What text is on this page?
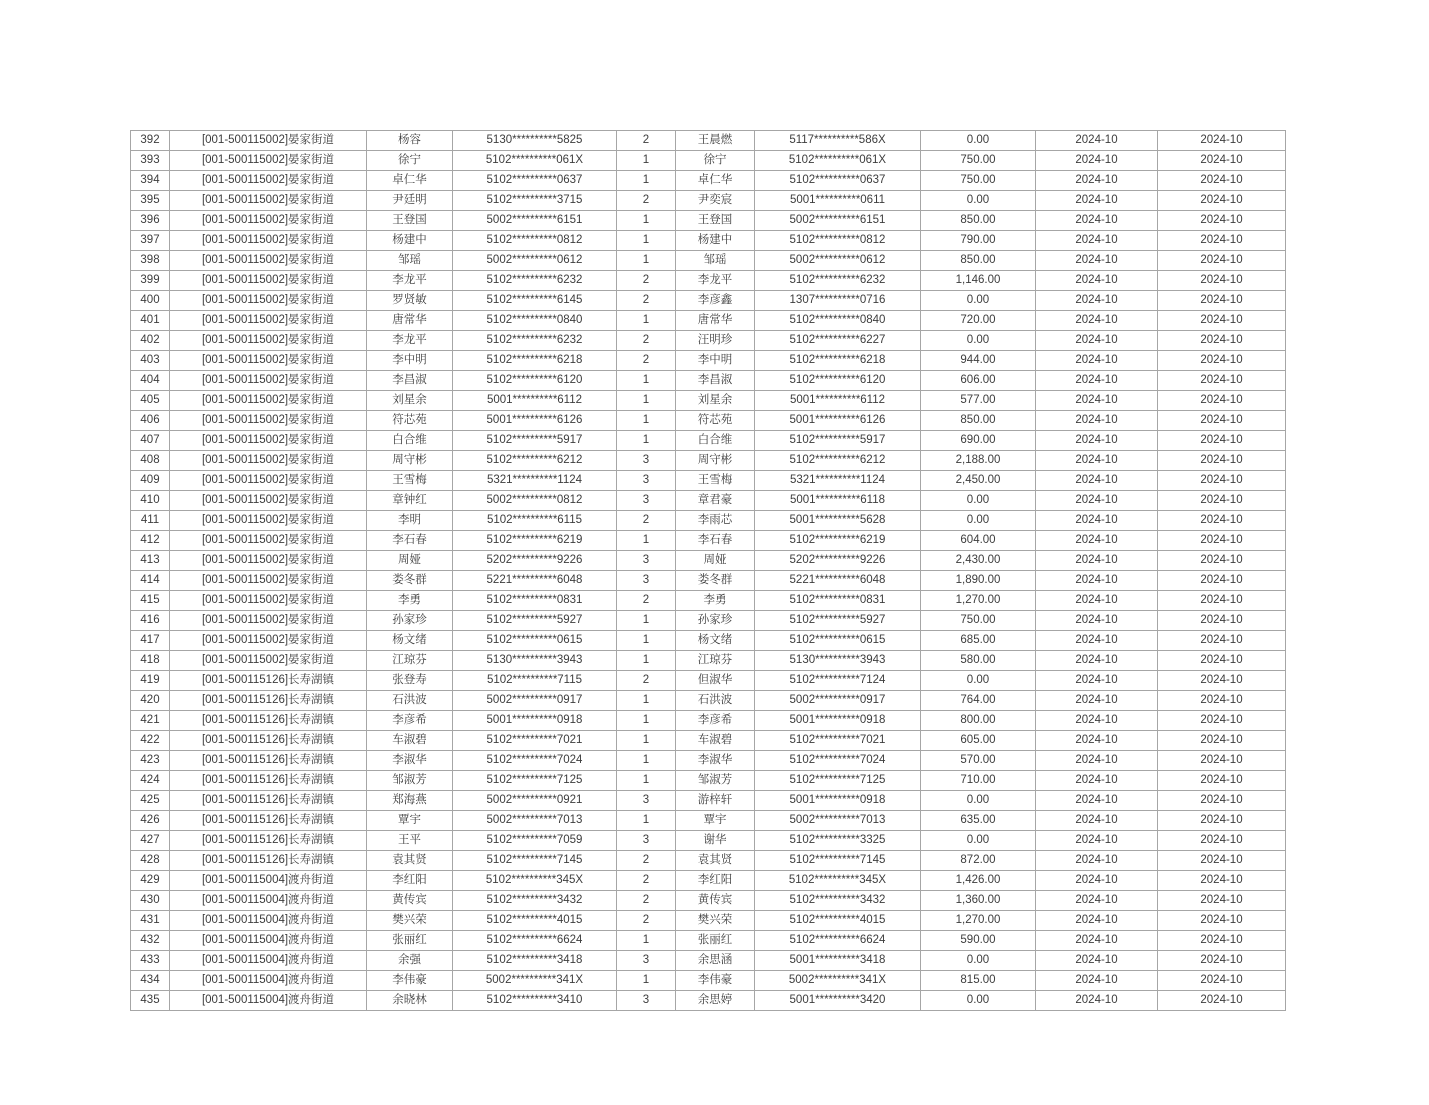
392	[001-500115002]晏家街道	杨容	5130**********5825	2	王晨燃	5117**********586X	0.00	2024-10	2024-10
393	[001-500115002]晏家街道	徐宁	5102**********061X	1	徐宁	5102**********061X	750.00	2024-10	2024-10
394	[001-500115002]晏家街道	卓仁华	5102**********0637	1	卓仁华	5102**********0637	750.00	2024-10	2024-10
395	[001-500115002]晏家街道	尹廷明	5102**********3715	2	尹奕宸	5001**********0611	0.00	2024-10	2024-10
396	[001-500115002]晏家街道	王登国	5002**********6151	1	王登国	5002**********6151	850.00	2024-10	2024-10
397	[001-500115002]晏家街道	杨建中	5102**********0812	1	杨建中	5102**********0812	790.00	2024-10	2024-10
398	[001-500115002]晏家街道	邹瑶	5002**********0612	1	邹瑶	5002**********0612	850.00	2024-10	2024-10
399	[001-500115002]晏家街道	李龙平	5102**********6232	2	李龙平	5102**********6232	1,146.00	2024-10	2024-10
400	[001-500115002]晏家街道	罗贤敏	5102**********6145	2	李彦鑫	1307**********0716	0.00	2024-10	2024-10
401	[001-500115002]晏家街道	唐常华	5102**********0840	1	唐常华	5102**********0840	720.00	2024-10	2024-10
402	[001-500115002]晏家街道	李龙平	5102**********6232	2	汪明珍	5102**********6227	0.00	2024-10	2024-10
403	[001-500115002]晏家街道	李中明	5102**********6218	2	李中明	5102**********6218	944.00	2024-10	2024-10
404	[001-500115002]晏家街道	李昌淑	5102**********6120	1	李昌淑	5102**********6120	606.00	2024-10	2024-10
405	[001-500115002]晏家街道	刘星余	5001**********6112	1	刘星余	5001**********6112	577.00	2024-10	2024-10
406	[001-500115002]晏家街道	符芯苑	5001**********6126	1	符芯苑	5001**********6126	850.00	2024-10	2024-10
407	[001-500115002]晏家街道	白合维	5102**********5917	1	白合维	5102**********5917	690.00	2024-10	2024-10
408	[001-500115002]晏家街道	周守彬	5102**********6212	3	周守彬	5102**********6212	2,188.00	2024-10	2024-10
409	[001-500115002]晏家街道	王雪梅	5321**********1124	3	王雪梅	5321**********1124	2,450.00	2024-10	2024-10
410	[001-500115002]晏家街道	章钟红	5002**********0812	3	章君豪	5001**********6118	0.00	2024-10	2024-10
411	[001-500115002]晏家街道	李明	5102**********6115	2	李雨芯	5001**********5628	0.00	2024-10	2024-10
412	[001-500115002]晏家街道	李石春	5102**********6219	1	李石春	5102**********6219	604.00	2024-10	2024-10
413	[001-500115002]晏家街道	周娅	5202**********9226	3	周娅	5202**********9226	2,430.00	2024-10	2024-10
414	[001-500115002]晏家街道	娄冬群	5221**********6048	3	娄冬群	5221**********6048	1,890.00	2024-10	2024-10
415	[001-500115002]晏家街道	李勇	5102**********0831	2	李勇	5102**********0831	1,270.00	2024-10	2024-10
416	[001-500115002]晏家街道	孙家珍	5102**********5927	1	孙家珍	5102**********5927	750.00	2024-10	2024-10
417	[001-500115002]晏家街道	杨文绪	5102**********0615	1	杨文绪	5102**********0615	685.00	2024-10	2024-10
418	[001-500115002]晏家街道	江琼芬	5130**********3943	1	江琼芬	5130**********3943	580.00	2024-10	2024-10
419	[001-500115126]长寿湖镇	张登寿	5102**********7115	2	但淑华	5102**********7124	0.00	2024-10	2024-10
420	[001-500115126]长寿湖镇	石洪波	5002**********0917	1	石洪波	5002**********0917	764.00	2024-10	2024-10
421	[001-500115126]长寿湖镇	李彦希	5001**********0918	1	李彦希	5001**********0918	800.00	2024-10	2024-10
422	[001-500115126]长寿湖镇	车淑碧	5102**********7021	1	车淑碧	5102**********7021	605.00	2024-10	2024-10
423	[001-500115126]长寿湖镇	李淑华	5102**********7024	1	李淑华	5102**********7024	570.00	2024-10	2024-10
424	[001-500115126]长寿湖镇	邹淑芳	5102**********7125	1	邹淑芳	5102**********7125	710.00	2024-10	2024-10
425	[001-500115126]长寿湖镇	郑海燕	5002**********0921	3	游梓轩	5001**********0918	0.00	2024-10	2024-10
426	[001-500115126]长寿湖镇	覃宇	5002**********7013	1	覃宇	5002**********7013	635.00	2024-10	2024-10
427	[001-500115126]长寿湖镇	王平	5102**********7059	3	谢华	5102**********3325	0.00	2024-10	2024-10
428	[001-500115126]长寿湖镇	袁其贤	5102**********7145	2	袁其贤	5102**********7145	872.00	2024-10	2024-10
429	[001-500115004]渡舟街道	李红阳	5102**********345X	2	李红阳	5102**********345X	1,426.00	2024-10	2024-10
430	[001-500115004]渡舟街道	黄传宾	5102**********3432	2	黄传宾	5102**********3432	1,360.00	2024-10	2024-10
431	[001-500115004]渡舟街道	樊兴荣	5102**********4015	2	樊兴荣	5102**********4015	1,270.00	2024-10	2024-10
432	[001-500115004]渡舟街道	张丽红	5102**********6624	1	张丽红	5102**********6624	590.00	2024-10	2024-10
433	[001-500115004]渡舟街道	余强	5102**********3418	3	余思涵	5001**********3418	0.00	2024-10	2024-10
434	[001-500115004]渡舟街道	李伟豪	5002**********341X	1	李伟豪	5002**********341X	815.00	2024-10	2024-10
435	[001-500115004]渡舟街道	余晓林	5102**********3410	3	余思婷	5001**********3420	0.00	2024-10	2024-10
